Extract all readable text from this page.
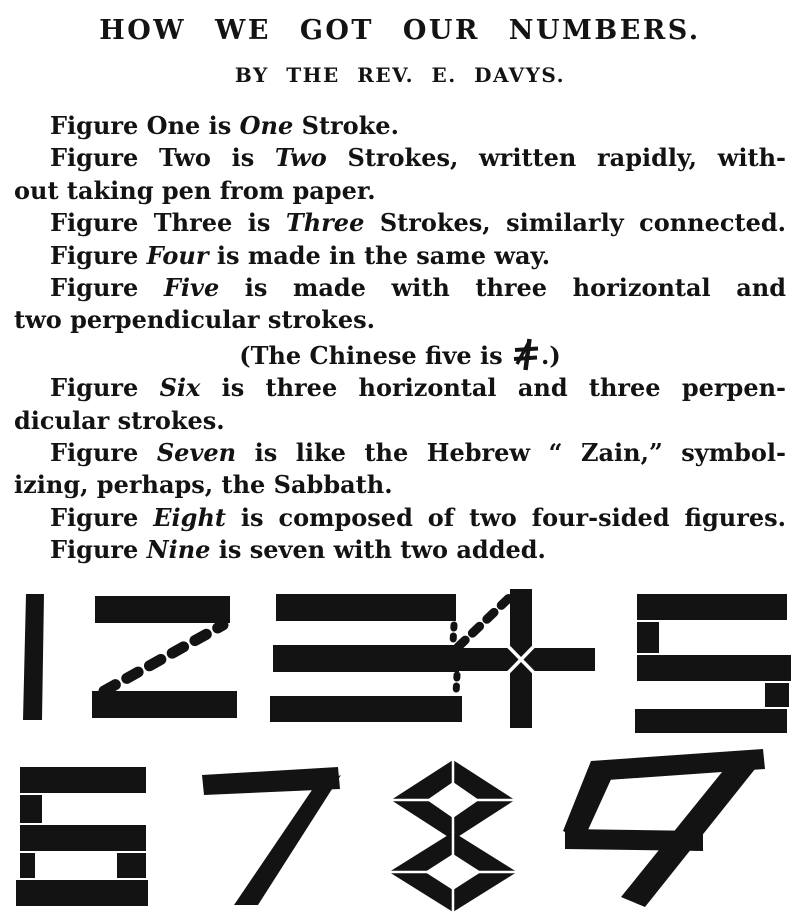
HOW WE GOT OUR NUMBERS.
BY THE REV. E. DAVYS.
Figure One is One Stroke.
Figure Two is Two Strokes, written rapidly, with-
out taking pen from paper.
Figure Three is Three Strokes, similarly connected.
Figure Four is made in the same way.
Figure Five is made with three horizontal and
two perpendicular strokes.
(The Chinese five is .)
Figure Six is three horizontal and three perpen-
dicular strokes.
Figure Seven is like the Hebrew “ Zain,” symbol-
izing, perhaps, the Sabbath.
Figure Eight is composed of two four-sided figures.
Figure Nine is seven with two added.
